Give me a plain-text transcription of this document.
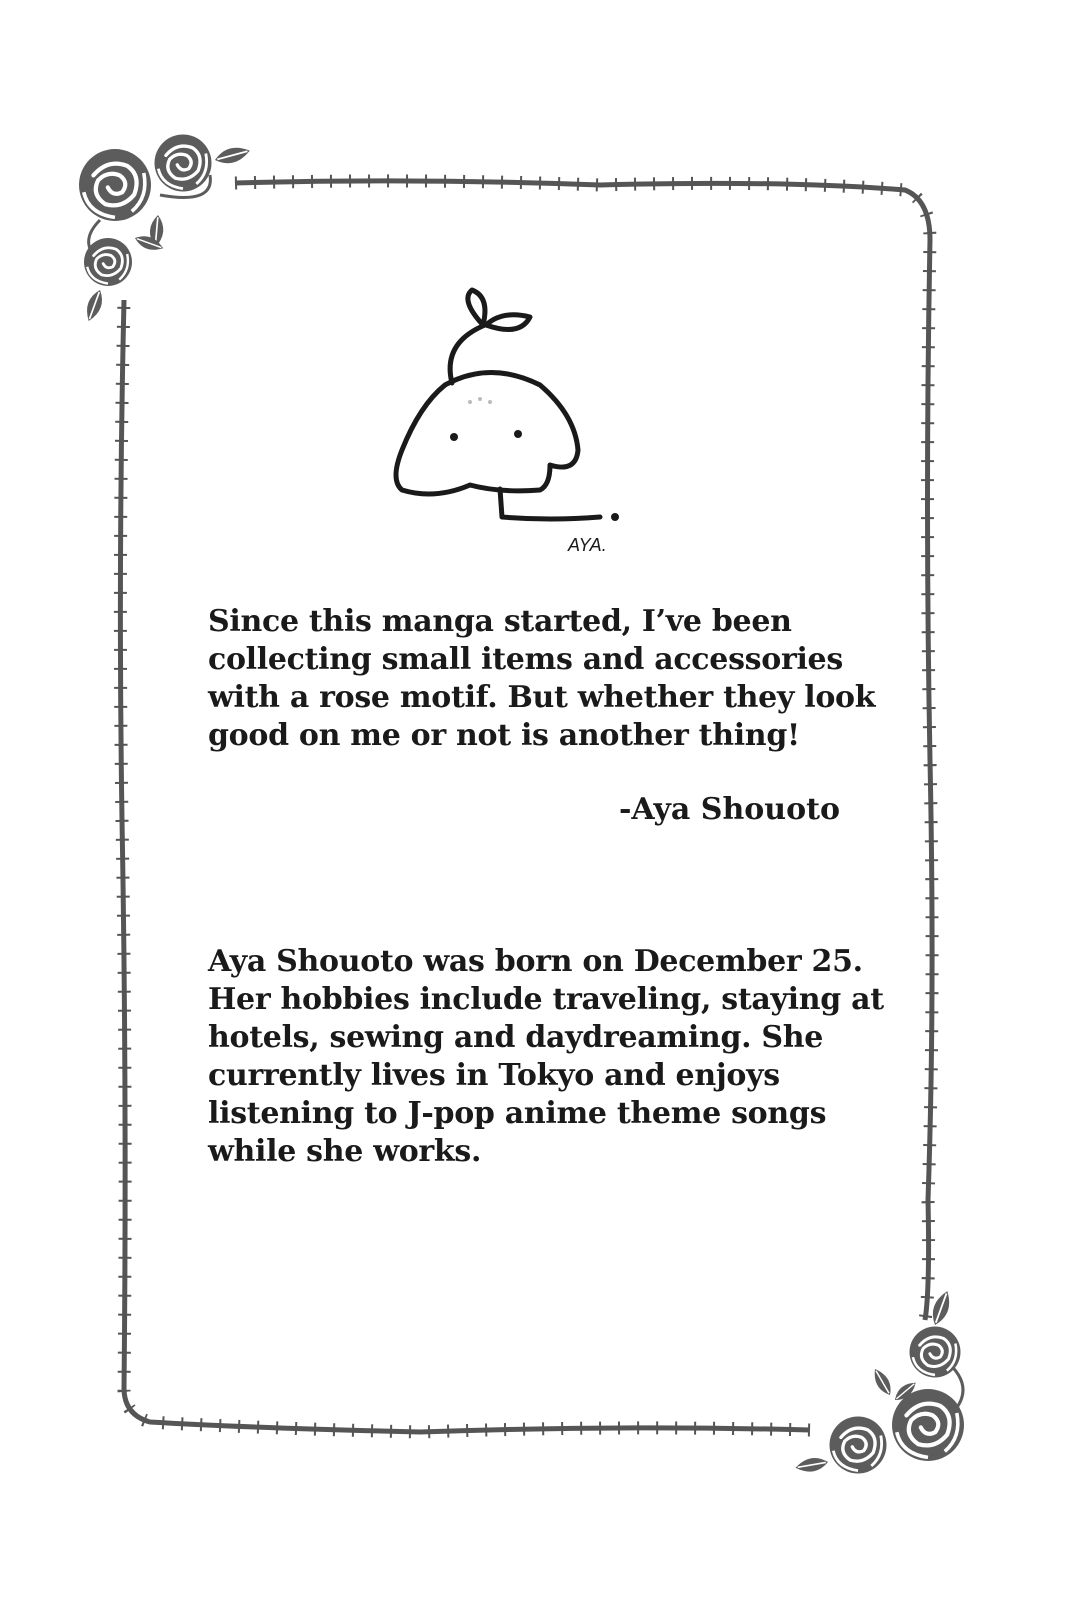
AYA.

Since this manga started, I’ve been collecting small items and accessories with a rose motif. But whether they look good on me or not is another thing!

-Aya Shouoto

Aya Shouoto was born on December 25. Her hobbies include traveling, staying at hotels, sewing and daydreaming. She currently lives in Tokyo and enjoys listening to J-pop anime theme songs while she works.
